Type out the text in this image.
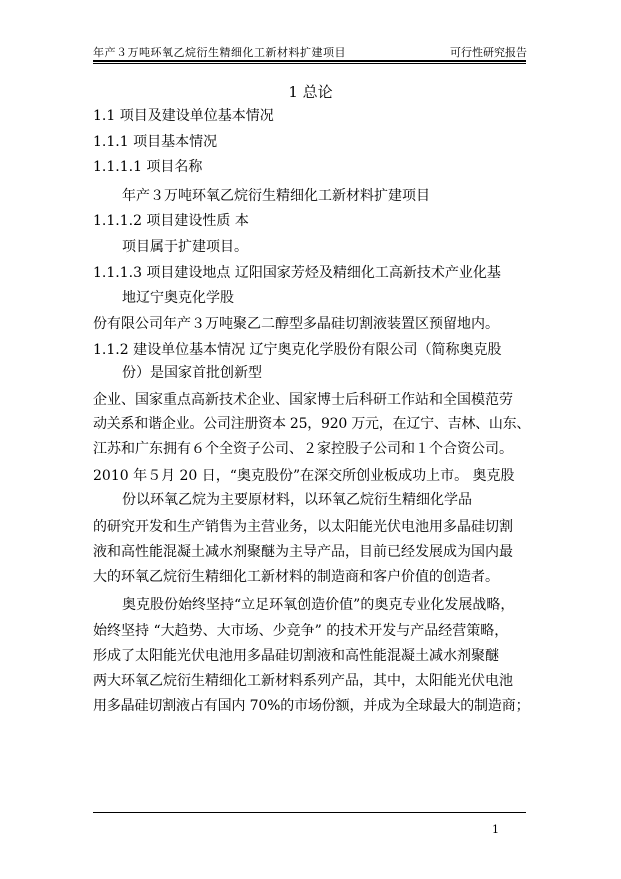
年产３万吨环氧乙烷衍生精细化工新材料扩建项目	可行性研究报告
1 总论
1.1 项目及建设单位基本情况
1.1.1 项目基本情况
1.1.1.1 项目名称
年产３万吨环氧乙烷衍生精细化工新材料扩建项目
1.1.1.2 项目建设性质 本
项目属于扩建项目。
1.1.1.3 项目建设地点 辽阳国家芳烃及精细化工高新技术产业化基
地辽宁奥克化学股
份有限公司年产３万吨聚乙二醇型多晶硅切割液装置区预留地内。
1.1.2 建设单位基本情况 辽宁奥克化学股份有限公司（简称奥克股
份）是国家首批创新型
企业、国家重点高新技术企业、国家博士后科研工作站和全国模范劳
动关系和谐企业。公司注册资本 25，920 万元，在辽宁、吉林、山东、
江苏和广东拥有６个全资子公司、２家控股子公司和１个合资公司。
2010 年５月 20 日，“奥克股份”在深交所创业板成功上市。 奥克股
份以环氧乙烷为主要原材料，以环氧乙烷衍生精细化学品
的研究开发和生产销售为主营业务，以太阳能光伏电池用多晶硅切割
液和高性能混凝土减水剂聚醚为主导产品，目前已经发展成为国内最
大的环氧乙烷衍生精细化工新材料的制造商和客户价值的创造者。
奥克股份始终坚持“立足环氧创造价值”的奥克专业化发展战略，
始终坚持 “大趋势、大市场、少竞争” 的技术开发与产品经营策略，
形成了太阳能光伏电池用多晶硅切割液和高性能混凝土减水剂聚醚
两大环氧乙烷衍生精细化工新材料系列产品，其中，太阳能光伏电池
用多晶硅切割液占有国内 70%的市场份额，并成为全球最大的制造商；
1
